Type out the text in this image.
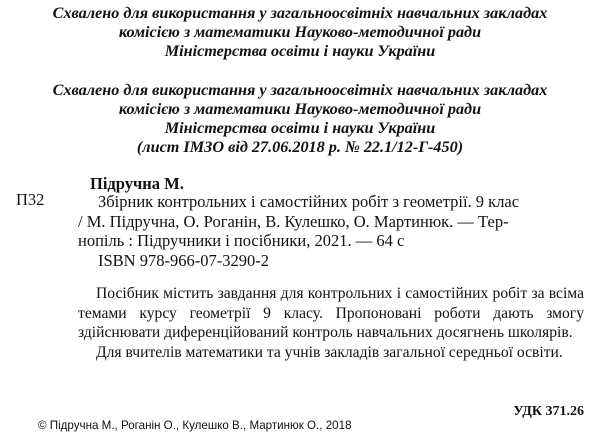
Схвалено для використання у загальноосвітніх навчальних закладах
комісією з математики Науково-методичної ради
Міністерства освіти і науки України
Схвалено для використання у загальноосвітніх навчальних закладах
комісією з математики Науково-методичної ради
Міністерства освіти і науки України
(лист ІМЗО від 27.06.2018 р. № 22.1/12-Г-450)
П32
Підручна М.
Збірник контрольних і самостійних робіт з геометрії. 9 клас
/ М. Підручна, О. Роганін, В. Кулешко, О. Мартинюк. — Тер-
нопіль : Підручники і посібники, 2021. — 64 с
ISBN 978-966-07-3290-2

Посібник містить завдання для контрольних і самостійних робіт за всіма темами курсу геометрії 9 класу. Пропоновані роботи дають змогу здійснювати диференційований контроль навчальних досягнень школярів.

Для вчителів математики та учнів закладів загальної середньої освіти.

УДК 371.26
© Підручна М., Роганін О., Кулешко В., Мартинюк О., 2018
